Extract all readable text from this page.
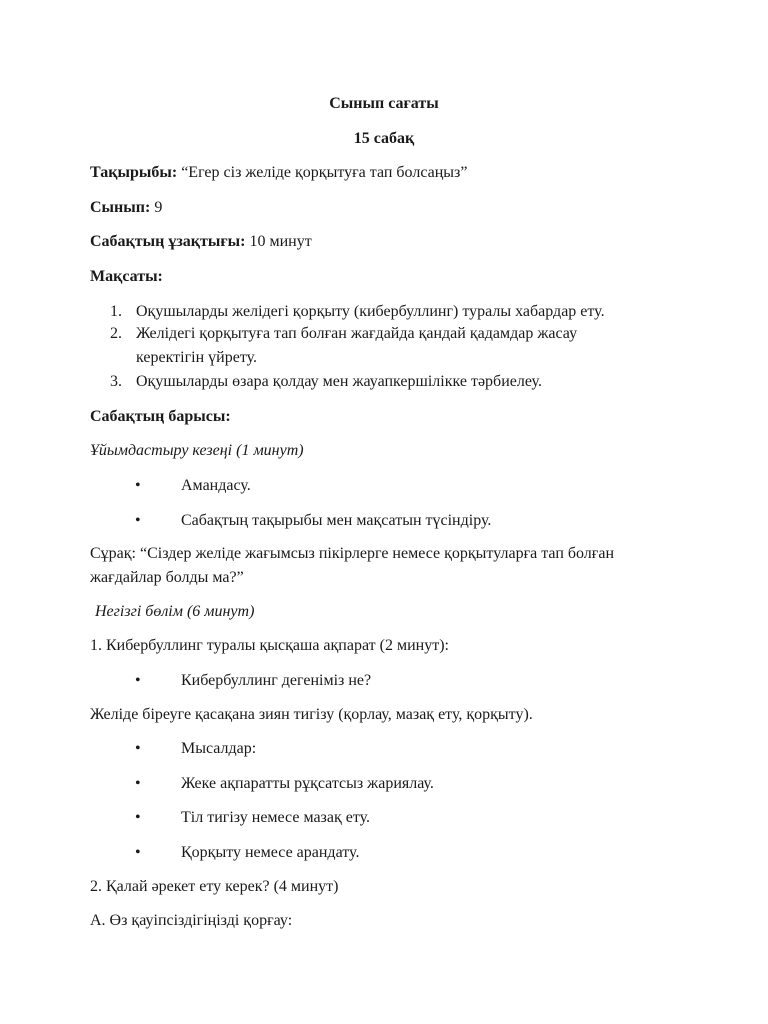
Сынып сағаты
15 сабақ
Тақырыбы: “Егер сіз желіде қорқытуға тап болсаңыз”
Сынып: 9
Сабақтың ұзақтығы: 10 минут
Мақсаты:
1. Оқушыларды желідегі қорқыту (кибербуллинг) туралы хабардар ету.
2. Желідегі қорқытуға тап болған жағдайда қандай қадамдар жасау
керектігін үйрету.
3. Оқушыларды өзара қолдау мен жауапкершілікке тәрбиелеу.
Сабақтың барысы:
Ұйымдастыру кезеңі (1 минут)
•	Амандасу.
•	Сабақтың тақырыбы мен мақсатын түсіндіру.
Сұрақ: “Сіздер желіде жағымсыз пікірлерге немесе қорқытуларға тап болған
жағдайлар болды ма?”
Негізгі бөлім (6 минут)
1. Кибербуллинг туралы қысқаша ақпарат (2 минут):
•	Кибербуллинг дегеніміз не?
Желіде біреуге қасақана зиян тигізу (қорлау, мазақ ету, қорқыту).
•	Мысалдар:
•	Жеке ақпаратты рұқсатсыз жариялау.
•	Тіл тигізу немесе мазақ ету.
•	Қорқыту немесе арандату.
2. Қалай әрекет ету керек? (4 минут)
А. Өз қауіпсіздігіңізді қорғау:
